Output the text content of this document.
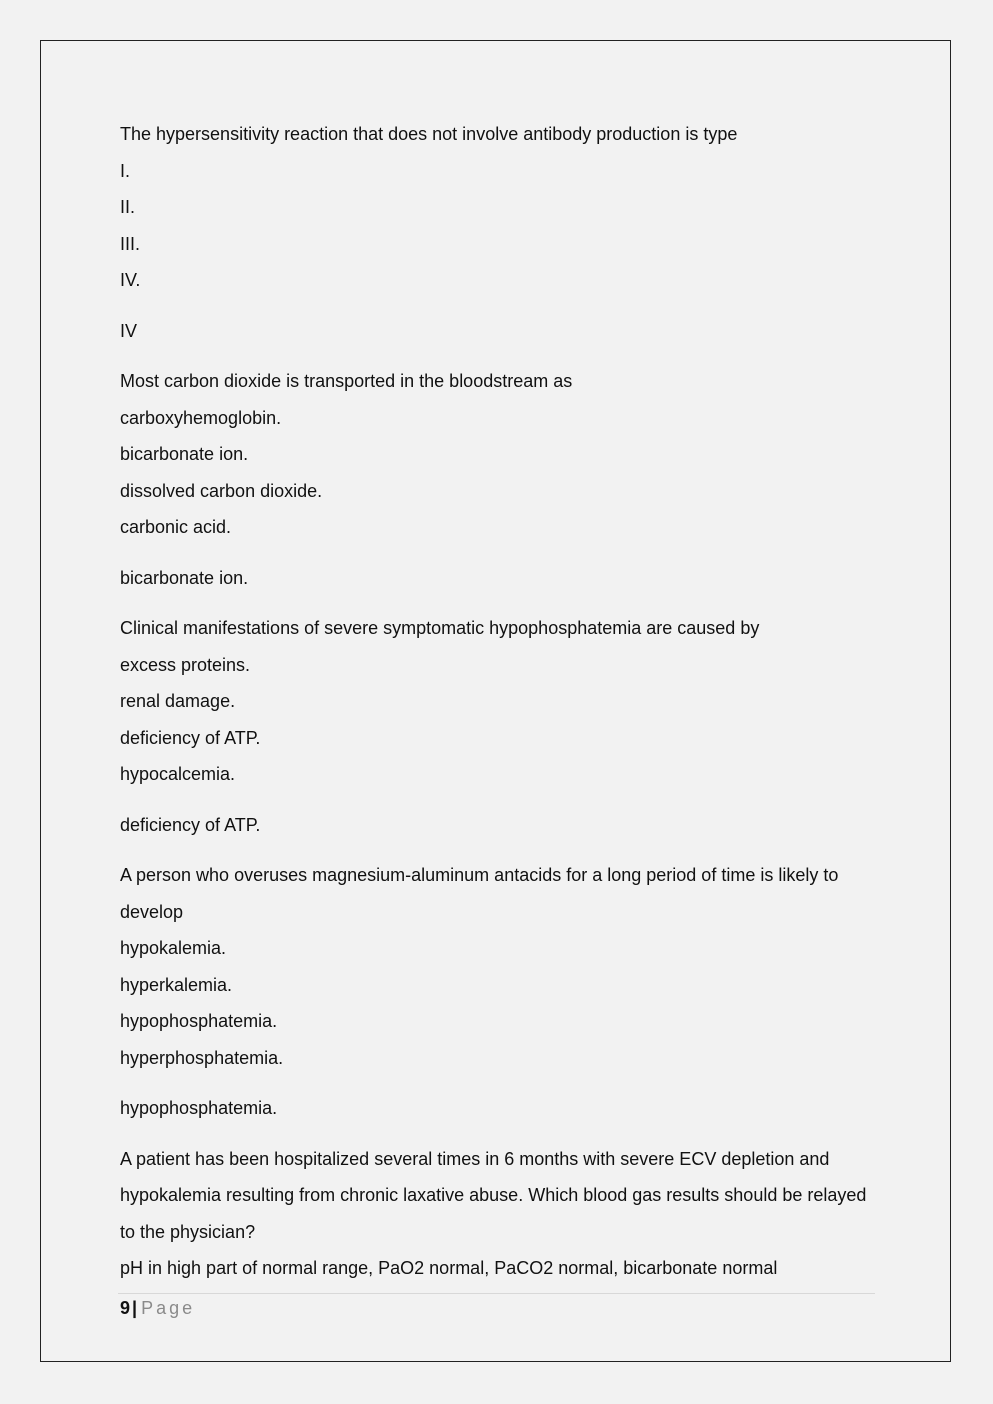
The hypersensitivity reaction that does not involve antibody production is type

I.

II.

III.

IV.

IV

Most carbon dioxide is transported in the bloodstream as

carboxyhemoglobin.

bicarbonate ion.

dissolved carbon dioxide.

carbonic acid.

bicarbonate ion.

Clinical manifestations of severe symptomatic hypophosphatemia are caused by

excess proteins.

renal damage.

deficiency of ATP.

hypocalcemia.

deficiency of ATP.

A person who overuses magnesium-aluminum antacids for a long period of time is likely to develop

hypokalemia.

hyperkalemia.

hypophosphatemia.

hyperphosphatemia.

hypophosphatemia.

A patient has been hospitalized several times in 6 months with severe ECV depletion and hypokalemia resulting from chronic laxative abuse. Which blood gas results should be relayed to the physician?

pH in high part of normal range, PaO2 normal, PaCO2 normal, bicarbonate normal

9 | Page
